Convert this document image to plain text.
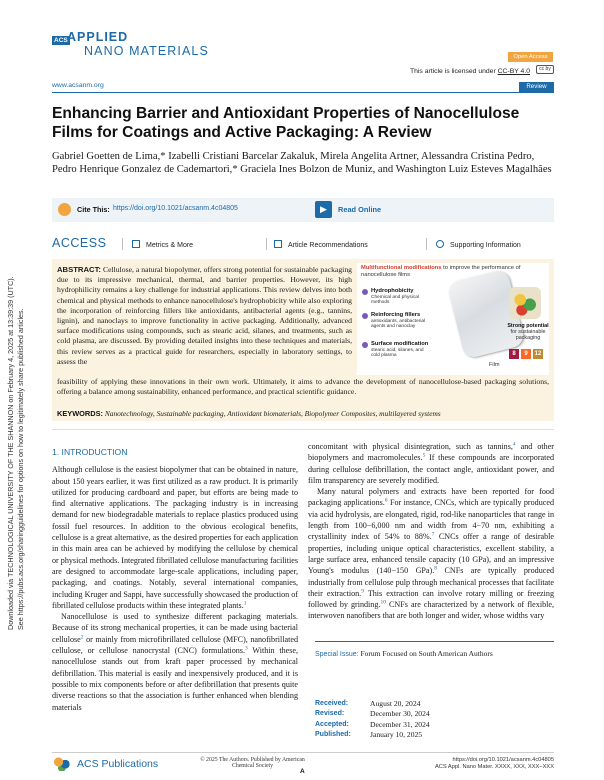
Downloaded via TECHNOLOGICAL UNIVERSITY OF THE SHANNON on February 4, 2025 at 13:39:39 (UTC). See https://pubs.acs.org/sharingguidelines for options on how to legitimately share published articles.
ACS APPLIED
NANO MATERIALS	Open Access
This article is licensed under CC-BY 4.0	cc by
www.acsanm.org	Review
Enhancing Barrier and Antioxidant Properties of Nanocellulose Films for Coatings and Active Packaging: A Review
Gabriel Goetten de Lima,* Izabelli Cristiani Barcelar Zakaluk, Mirela Angelita Artner, Alessandra Cristina Pedro, Pedro Henrique Gonzalez de Cademartori,* Graciela Ines Bolzon de Muniz, and Washington Luiz Esteves Magalhães
Cite This: https://doi.org/10.1021/acsanm.4c04805	▶	Read Online
ACCESS	Metrics & More	Article Recommendations	Supporting Information
ABSTRACT: Cellulose, a natural biopolymer, offers strong potential for sustainable packaging due to its impressive mechanical, thermal, and barrier properties. However, its high hydrophilicity remains a key challenge for industrial applications. This review delves into both chemical and physical methods to enhance nanocellulose's hydrophobicity while also exploring the incorporation of reinforcing fillers like antioxidants, antibacterial agents (e.g., tannins, lignin), and nanoclays to improve functionality in active packaging. Additionally, advanced surface modifications using compounds, such as stearic acid, silanes, and treatments, such as cold plasma, are discussed. By providing detailed insights into these techniques and materials, this review serves as a practical guide for researchers, especially in laboratory settings, to assess the
Multifunctional modifications to improve the performance of nanocellulose films
Hydrophobicity
Chemical and physical methods
Reinforcing fillers
antioxidants, antibacterial agents and nanoclay
Surface modification
stearic acid, silanes, and cold plasma
Film
Strong potential
for sustainable packaging
8	9	12
feasibility of applying these innovations in their own work. Ultimately, it aims to advance the development of nanocellulose-based packaging solutions, offering a balance among sustainability, enhanced performance, and practical scientific guidance.
KEYWORDS: Nanotechnology, Sustainable packaging, Antioxidant biomaterials, Biopolymer Composites, multilayered systems
1. INTRODUCTION

Although cellulose is the easiest biopolymer that can be obtained in nature, about 150 years earlier, it was first utilized as a raw product. It is primarily utilized for producing cardboard and paper, but efforts are being made to find alternative applications. The packaging industry is in increasing demand for new biodegradable materials to replace plastics produced using fossil fuel resources. In addition to the obvious ecological benefits, cellulose is a great alternative, as the desired properties for each application in this main area can be achieved by modifying the cellulose by chemical or physical methods. Integrated fibrillated cellulose manufacturing facilities are designed to accommodate large-scale applications, including paper, packaging, and coatings. Notably, several international companies, including Kruger and Sappi, have successfully showcased the production of fibrillated cellulose products within these integrated plants.$^1$

Nanocellulose is used to synthesize different packaging materials. Because of its strong mechanical properties, it can be made using bacterial cellulose$^2$ or mainly from microfibrillated cellulose (MFC), nanofibrillated cellulose, or cellulose nanocrystal (CNC) formulations.$^3$ Within these, nanocellulose stands out from kraft paper processed by mechanical defibrillation. This material is easily and inexpensively produced, and it is possible to mix components before or after defibrillation that presents quite diverse reactions so that the association is further enhanced when blending materials

concomitant with physical disintegration, such as tannins,$^4$ and other biopolymers and macromolecules.$^5$ If these compounds are incorporated during cellulose defibrillation, the contact angle, antioxidant power, and film transparency are severely modified.

Many natural polymers and extracts have been reported for food packaging applications.$^6$ For instance, CNCs, which are typically produced via acid hydrolysis, are elongated, rigid, rod-like nanoparticles that range in length from 100−6,000 nm and width from 4−70 nm, exhibiting a crystallinity index of 54% to 88%.$^7$ CNCs offer a range of desirable properties, including unique optical characteristics, excellent stability, a large surface area, enhanced tensile capacity (10 GPa), and an impressive Young's modulus (140−150 GPa).$^8$ CNFs are typically produced industrially from cellulose pulp through mechanical processes that facilitate their extraction.$^9$ This extraction can involve rotary milling or freezing followed by grinding.$^{10}$ CNFs are characterized by a network of flexible, interwoven nanofibers that are both longer and wider, whose widths vary

Special Issue: Forum Focused on South American Authors
Received:	August 20, 2024
Revised:	December 30, 2024
Accepted:	December 31, 2024
Published:	January 10, 2025
ACS Publications	© 2025 The Authors. Published by American Chemical Society
A
https://doi.org/10.1021/acsanm.4c04805
ACS Appl. Nano Mater. XXXX, XXX, XXX−XXX
